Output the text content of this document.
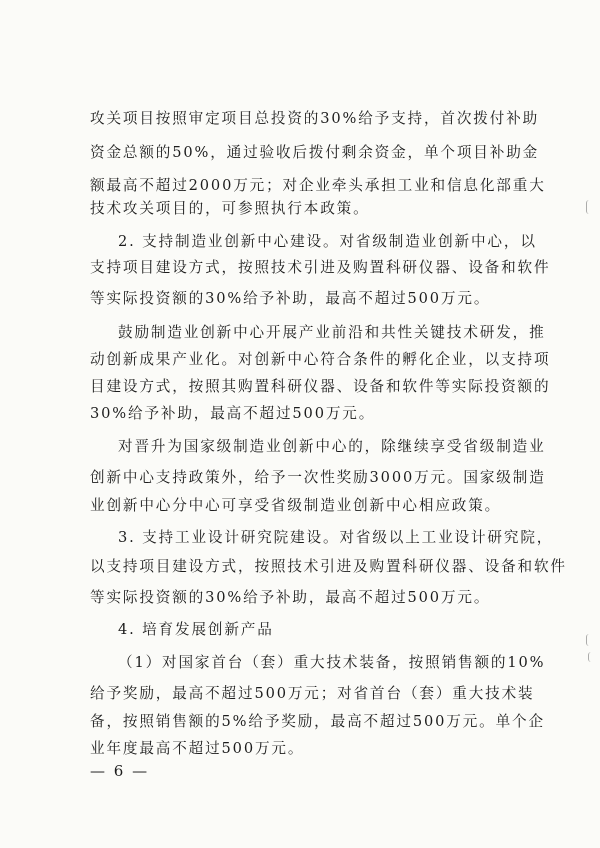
攻关项目按照审定项目总投资的30%给予支持，首次拨付补助
资金总额的50%，通过验收后拨付剩余资金，单个项目补助金
额最高不超过2000万元；对企业牵头承担工业和信息化部重大
技术攻关项目的，可参照执行本政策。
2. 支持制造业创新中心建设。对省级制造业创新中心，以
支持项目建设方式，按照技术引进及购置科研仪器、设备和软件
等实际投资额的30%给予补助，最高不超过500万元。
鼓励制造业创新中心开展产业前沿和共性关键技术研发，推
动创新成果产业化。对创新中心符合条件的孵化企业，以支持项
目建设方式，按照其购置科研仪器、设备和软件等实际投资额的
30%给予补助，最高不超过500万元。
对晋升为国家级制造业创新中心的，除继续享受省级制造业
创新中心支持政策外，给予一次性奖励3000万元。国家级制造
业创新中心分中心可享受省级制造业创新中心相应政策。
3. 支持工业设计研究院建设。对省级以上工业设计研究院，
以支持项目建设方式，按照技术引进及购置科研仪器、设备和软件
等实际投资额的30%给予补助，最高不超过500万元。
4. 培育发展创新产品
（1）对国家首台（套）重大技术装备，按照销售额的10%
给予奖励，最高不超过500万元；对省首台（套）重大技术装
备，按照销售额的5%给予奖励，最高不超过500万元。单个企
业年度最高不超过500万元。
— 6 —
